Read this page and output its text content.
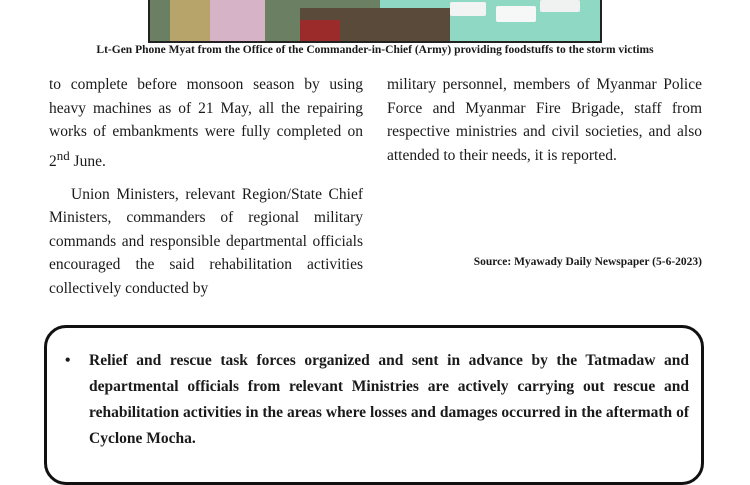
Lt-Gen Phone Myat from the Office of the Commander-in-Chief (Army) providing foodstuffs to the storm victims

to complete before monsoon season by using heavy machines as of 21 May, all the repairing works of embankments were fully completed on 2nd June.

Union Ministers, relevant Region/State Chief Ministers, commanders of regional military commands and responsible departmental officials encouraged the said rehabilitation activities collectively conducted by

military personnel, members of Myanmar Police Force and Myanmar Fire Brigade, staff from respective ministries and civil societies, and also attended to their needs, it is reported.

Source: Myawady Daily Newspaper (5-6-2023)
• Relief and rescue task forces organized and sent in advance by the Tatmadaw and departmental officials from relevant Ministries are actively carrying out rescue and rehabilitation activities in the areas where losses and damages occurred in the aftermath of Cyclone Mocha.
